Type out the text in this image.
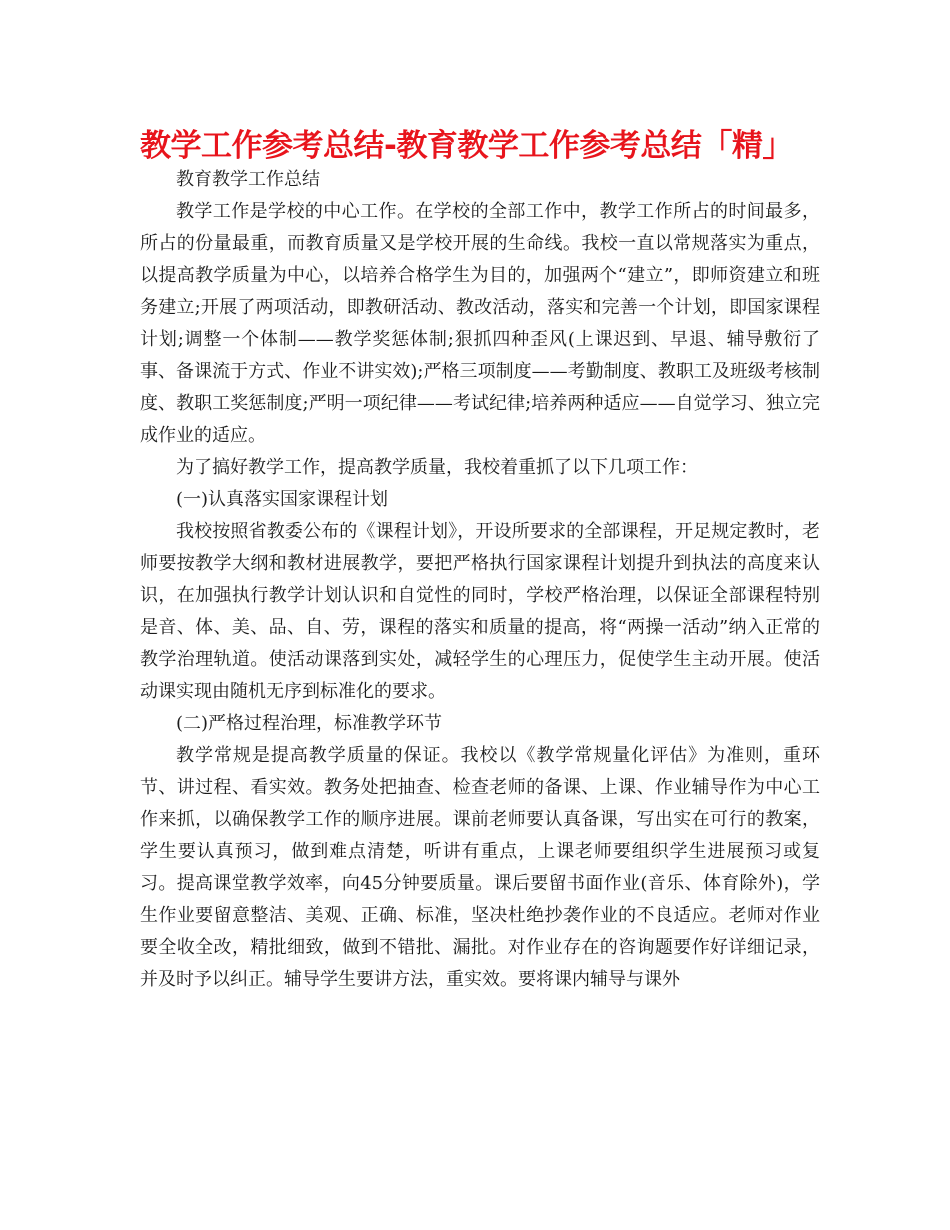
教学工作参考总结-教育教学工作参考总结「精」

教育教学工作总结

教学工作是学校的中心工作。在学校的全部工作中，教学工作所占的时间最多，所占的份量最重，而教育质量又是学校开展的生命线。我校一直以常规落实为重点，以提高教学质量为中心，以培养合格学生为目的，加强两个“建立”，即师资建立和班务建立;开展了两项活动，即教研活动、教改活动，落实和完善一个计划，即国家课程计划;调整一个体制——教学奖惩体制;狠抓四种歪风(上课迟到、早退、辅导敷衍了事、备课流于方式、作业不讲实效);严格三项制度——考勤制度、教职工及班级考核制度、教职工奖惩制度;严明一项纪律——考试纪律;培养两种适应——自觉学习、独立完成作业的适应。

为了搞好教学工作，提高教学质量，我校着重抓了以下几项工作：

(一)认真落实国家课程计划

我校按照省教委公布的《课程计划》，开设所要求的全部课程，开足规定教时，老师要按教学大纲和教材进展教学，要把严格执行国家课程计划提升到执法的高度来认识，在加强执行教学计划认识和自觉性的同时，学校严格治理，以保证全部课程特别是音、体、美、品、自、劳，课程的落实和质量的提高，将“两操一活动”纳入正常的教学治理轨道。使活动课落到实处，减轻学生的心理压力，促使学生主动开展。使活动课实现由随机无序到标准化的要求。

(二)严格过程治理，标准教学环节

教学常规是提高教学质量的保证。我校以《教学常规量化评估》为准则，重环节、讲过程、看实效。教务处把抽查、检查老师的备课、上课、作业辅导作为中心工作来抓，以确保教学工作的顺序进展。课前老师要认真备课，写出实在可行的教案，学生要认真预习，做到难点清楚，听讲有重点，上课老师要组织学生进展预习或复习。提高课堂教学效率，向45分钟要质量。课后要留书面作业(音乐、体育除外)，学生作业要留意整洁、美观、正确、标准，坚决杜绝抄袭作业的不良适应。老师对作业要全收全改，精批细致，做到不错批、漏批。对作业存在的咨询题要作好详细记录，并及时予以纠正。辅导学生要讲方法，重实效。要将课内辅导与课外
